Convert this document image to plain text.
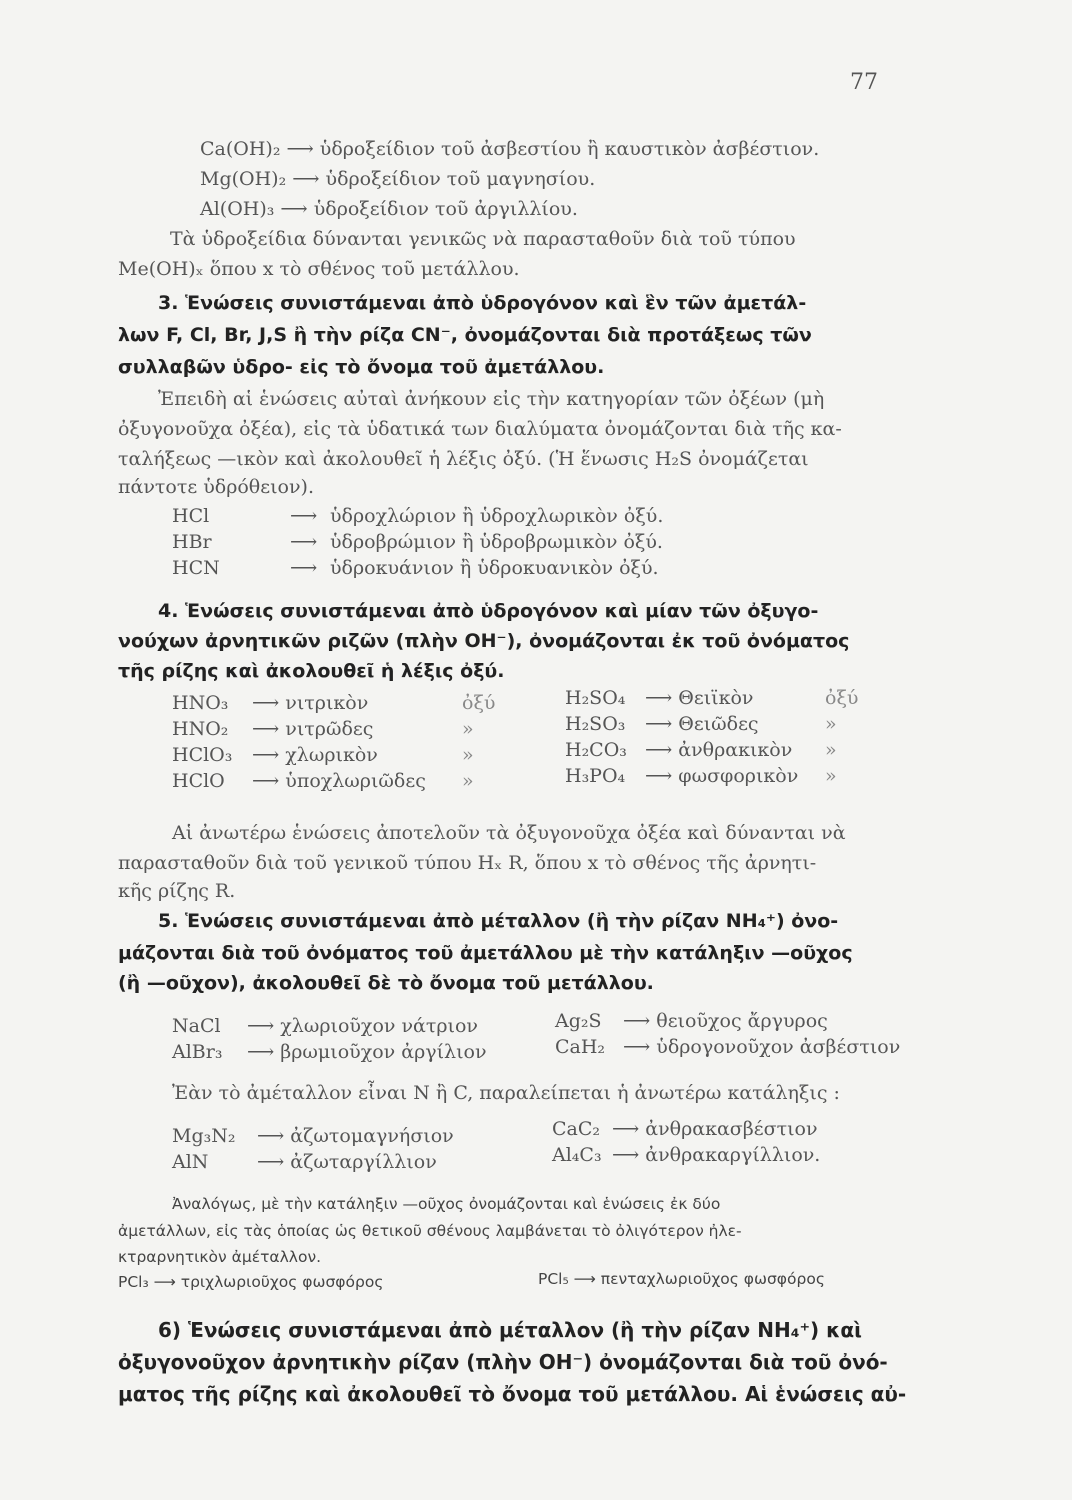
77
Ca(OH)₂ ⟶ ὑδροξείδιον τοῦ ἀσβεστίου ἢ καυστικὸν ἀσβέστιον.
Mg(OH)₂ ⟶ ὑδροξείδιον τοῦ μαγνησίου.
Al(OH)₃ ⟶ ὑδροξείδιον τοῦ ἀργιλλίου.
Τὰ ὑδροξείδια δύνανται γενικῶς νὰ παρασταθοῦν διὰ τοῦ τύπου
Me(OH)ₓ ὅπου x τὸ σθένος τοῦ μετάλλου.
3. Ἑνώσεις συνιστάμεναι ἀπὸ ὑδρογόνον καὶ ἓν τῶν ἀμετάλ-
λων F, Cl, Br, J,S ἢ τὴν ρίζα CN⁻, ὀνομάζονται διὰ προτάξεως τῶν
συλλαβῶν ὑδρο- εἰς τὸ ὄνομα τοῦ ἀμετάλλου.
Ἐπειδὴ αἱ ἑνώσεις αὐταὶ ἀνήκουν εἰς τὴν κατηγορίαν τῶν ὀξέων (μὴ
ὀξυγονοῦχα ὀξέα), εἰς τὰ ὑδατικά των διαλύματα ὀνομάζονται διὰ τῆς κα-
ταλήξεως —ικὸν καὶ ἀκολουθεῖ ἡ λέξις ὀξύ. (Ἡ ἕνωσις H₂S ὀνομάζεται
πάντοτε ὑδρόθειον).
HCl	⟶ ὑδροχλώριον ἢ ὑδροχλωρικὸν ὀξύ.
HBr	⟶ ὑδροβρώμιον ἢ ὑδροβρωμικὸν ὀξύ.
HCN	⟶ ὑδροκυάνιον ἢ ὑδροκυανικὸν ὀξύ.
4. Ἑνώσεις συνιστάμεναι ἀπὸ ὑδρογόνον καὶ μίαν τῶν ὀξυγο-
νούχων ἀρνητικῶν ριζῶν (πλὴν OH⁻), ὀνομάζονται ἐκ τοῦ ὀνόματος
τῆς ρίζης καὶ ἀκολουθεῖ ἡ λέξις ὀξύ.
HNO₃	⟶ νιτρικὸν	ὀξύ
HNO₂	⟶ νιτρῶδες	»
HClO₃	⟶ χλωρικὸν	»
HClO	⟶ ὑποχλωριῶδες	»
H₂SO₄	⟶ Θειϊκὸν	ὀξύ
H₂SO₃	⟶ Θειῶδες	»
H₂CO₃ ⟶ ἀνθρακικὸν	»
H₃PO₄	⟶ φωσφορικὸν	»
Αἱ ἀνωτέρω ἑνώσεις ἀποτελοῦν τὰ ὀξυγονοῦχα ὀξέα καὶ δύνανται νὰ
παρασταθοῦν διὰ τοῦ γενικοῦ τύπου Hₓ R, ὅπου x τὸ σθένος τῆς ἀρνητι-
κῆς ρίζης R.
5. Ἑνώσεις συνιστάμεναι ἀπὸ μέταλλον (ἢ τὴν ρίζαν NH₄⁺) ὀνο-
μάζονται διὰ τοῦ ὀνόματος τοῦ ἀμετάλλου μὲ τὴν κατάληξιν —οῦχος
(ἢ —οῦχον), ἀκολουθεῖ δὲ τὸ ὄνομα τοῦ μετάλλου.
NaCl	⟶ χλωριοῦχον νάτριον
AlBr₃	⟶ βρωμιοῦχον ἀργίλιον
Ag₂S	⟶ θειοῦχος ἄργυρος
CaH₂ ⟶ ὑδρογονοῦχον ἀσβέστιον
Ἐὰν τὸ ἀμέταλλον εἶναι N ἢ C, παραλείπεται ἡ ἀνωτέρω κατάληξις :
Mg₃N₂	⟶ ἀζωτομαγνήσιον
AlN	⟶ ἀζωταργίλλιον
CaC₂ ⟶ ἀνθρακασβέστιον
Al₄C₃ ⟶ ἀνθρακαργίλλιον.
Ἀναλόγως, μὲ τὴν κατάληξιν —οῦχος ὀνομάζονται καὶ ἑνώσεις ἐκ δύο
ἀμετάλλων, εἰς τὰς ὁποίας ὡς θετικοῦ σθένους λαμβάνεται τὸ ὀλιγότερον ἠλε-
κτραρνητικὸν ἀμέταλλον.
PCl₃ ⟶ τριχλωριοῦχος φωσφόρος	PCl₅ ⟶ πενταχλωριοῦχος φωσφόρος
6) Ἑνώσεις συνιστάμεναι ἀπὸ μέταλλον (ἢ τὴν ρίζαν NH₄⁺) καὶ
ὀξυγονοῦχον ἀρνητικὴν ρίζαν (πλὴν OH⁻) ὀνομάζονται διὰ τοῦ ὀνό-
ματος τῆς ρίζης καὶ ἀκολουθεῖ τὸ ὄνομα τοῦ μετάλλου. Αἱ ἑνώσεις αὐ-
